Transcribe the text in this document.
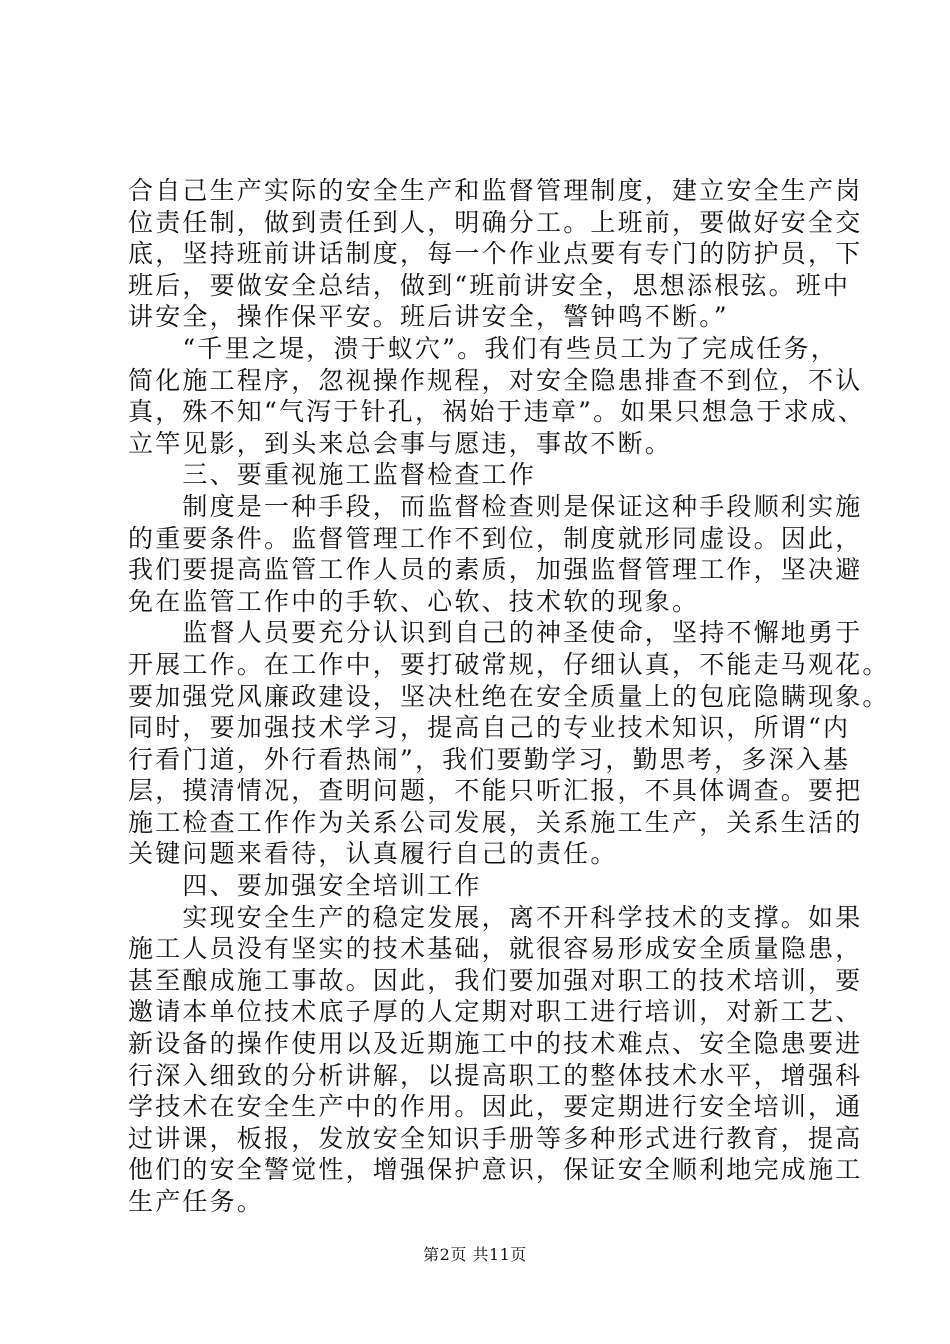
合自己生产实际的安全生产和监督管理制度，建立安全生产岗
位责任制，做到责任到人，明确分工。上班前，要做好安全交
底，坚持班前讲话制度，每一个作业点要有专门的防护员，下
班后，要做安全总结，做到“班前讲安全，思想添根弦。班中
讲安全，操作保平安。班后讲安全，警钟鸣不断。”
　　“千里之堤，溃于蚁穴”。我们有些员工为了完成任务，
简化施工程序，忽视操作规程，对安全隐患排查不到位，不认
真，殊不知“气泻于针孔，祸始于违章”。如果只想急于求成、
立竿见影，到头来总会事与愿违，事故不断。
　　三、要重视施工监督检查工作
　　制度是一种手段，而监督检查则是保证这种手段顺利实施
的重要条件。监督管理工作不到位，制度就形同虚设。因此，
我们要提高监管工作人员的素质，加强监督管理工作，坚决避
免在监管工作中的手软、心软、技术软的现象。
　　监督人员要充分认识到自己的神圣使命，坚持不懈地勇于
开展工作。在工作中，要打破常规，仔细认真，不能走马观花。
要加强党风廉政建设，坚决杜绝在安全质量上的包庇隐瞒现象。
同时，要加强技术学习，提高自己的专业技术知识，所谓“内
行看门道，外行看热闹”，我们要勤学习，勤思考，多深入基
层，摸清情况，查明问题，不能只听汇报，不具体调查。要把
施工检查工作作为关系公司发展，关系施工生产，关系生活的
关键问题来看待，认真履行自己的责任。
　　四、要加强安全培训工作
　　实现安全生产的稳定发展，离不开科学技术的支撑。如果
施工人员没有坚实的技术基础，就很容易形成安全质量隐患，
甚至酿成施工事故。因此，我们要加强对职工的技术培训，要
邀请本单位技术底子厚的人定期对职工进行培训，对新工艺、
新设备的操作使用以及近期施工中的技术难点、安全隐患要进
行深入细致的分析讲解，以提高职工的整体技术水平，增强科
学技术在安全生产中的作用。因此，要定期进行安全培训，通
过讲课，板报，发放安全知识手册等多种形式进行教育，提高
他们的安全警觉性，增强保护意识，保证安全顺利地完成施工
生产任务。
第2页 共11页
